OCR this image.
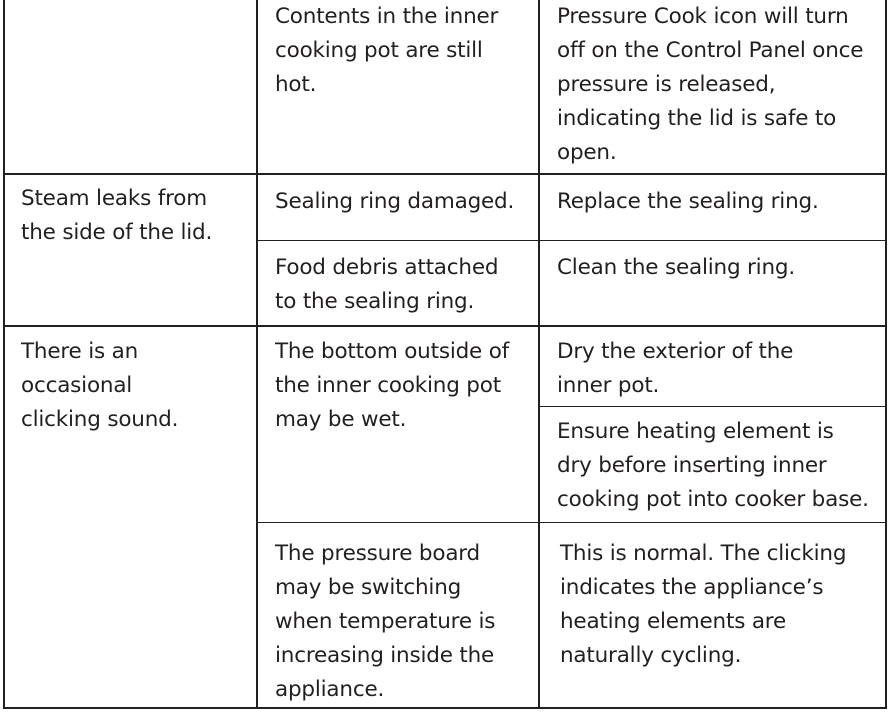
Contents in the inner
cooking pot are still
hot.
Pressure Cook icon will turn
off on the Control Panel once
pressure is released,
indicating the lid is safe to
open.
Steam leaks from
the side of the lid.
Sealing ring damaged. Replace the sealing ring.
Food debris attached
to the sealing ring.
Clean the sealing ring.
There is an
occasional
clicking sound.
The bottom outside of
the inner cooking pot
may be wet.
Dry the exterior of the
inner pot.
Ensure heating element is
dry before inserting inner
cooking pot into cooker base.
The pressure board
may be switching
when temperature is
increasing inside the
appliance.
This is normal. The clicking
indicates the appliance’s
heating elements are
naturally cycling.
